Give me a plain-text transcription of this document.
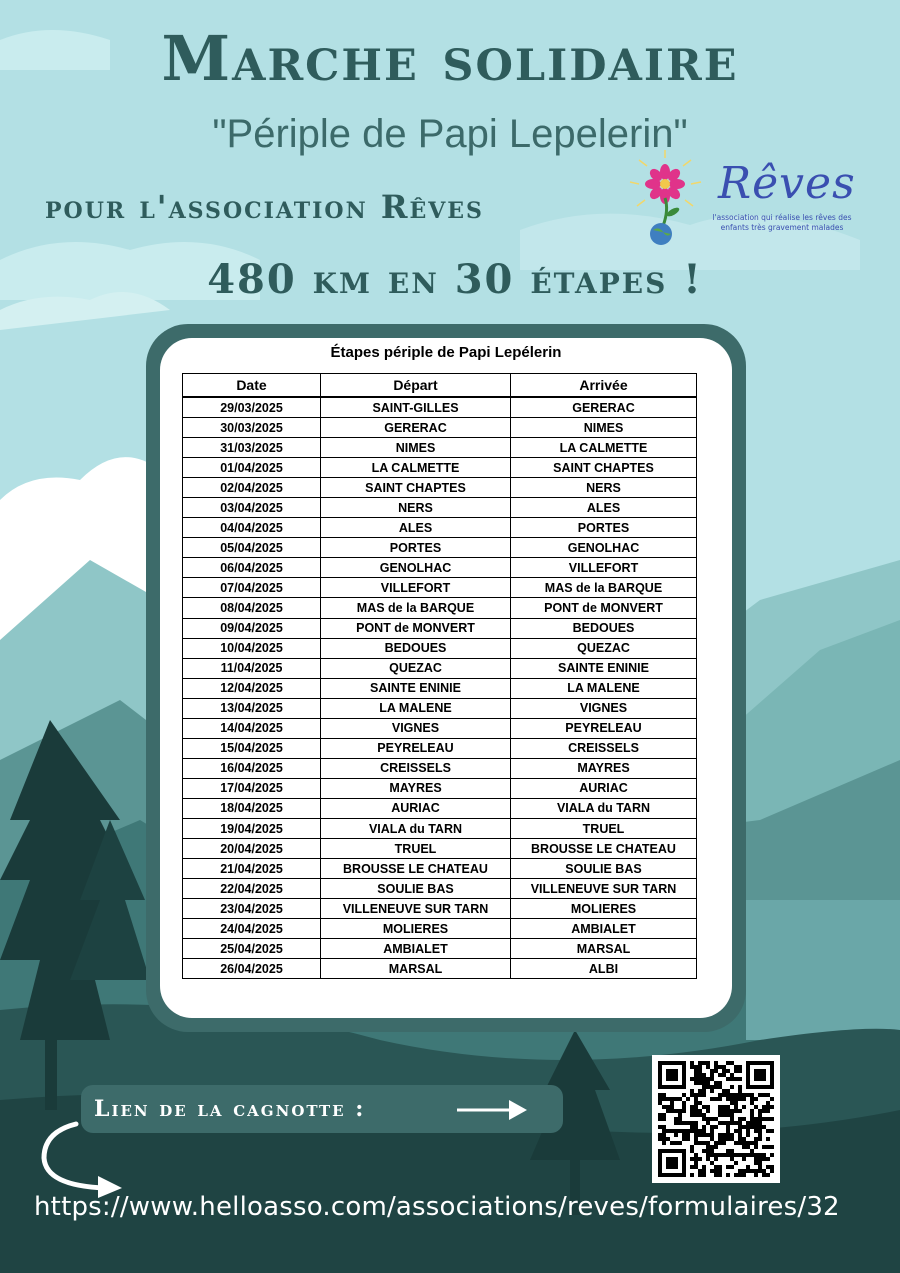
Marche solidaire
"Périple de Papi Lepelerin"
pour l'association Rêves
480 km en 30 étapes !
Rêves
l'association qui réalise les rêves des enfants très gravement malades
Étapes périple de Papi Lepélerin
Date	Départ	Arrivée
29/03/2025	SAINT-GILLES	GERERAC
30/03/2025	GERERAC	NIMES
31/03/2025	NIMES	LA CALMETTE
01/04/2025	LA CALMETTE	SAINT CHAPTES
02/04/2025	SAINT CHAPTES	NERS
03/04/2025	NERS	ALES
04/04/2025	ALES	PORTES
05/04/2025	PORTES	GENOLHAC
06/04/2025	GENOLHAC	VILLEFORT
07/04/2025	VILLEFORT	MAS de la BARQUE
08/04/2025	MAS de la BARQUE	PONT de MONVERT
09/04/2025	PONT de MONVERT	BEDOUES
10/04/2025	BEDOUES	QUEZAC
11/04/2025	QUEZAC	SAINTE ENINIE
12/04/2025	SAINTE ENINIE	LA MALENE
13/04/2025	LA MALENE	VIGNES
14/04/2025	VIGNES	PEYRELEAU
15/04/2025	PEYRELEAU	CREISSELS
16/04/2025	CREISSELS	MAYRES
17/04/2025	MAYRES	AURIAC
18/04/2025	AURIAC	VIALA du TARN
19/04/2025	VIALA du TARN	TRUEL
20/04/2025	TRUEL	BROUSSE LE CHATEAU
21/04/2025	BROUSSE LE CHATEAU	SOULIE BAS
22/04/2025	SOULIE BAS	VILLENEUVE SUR TARN
23/04/2025	VILLENEUVE SUR TARN	MOLIERES
24/04/2025	MOLIERES	AMBIALET
25/04/2025	AMBIALET	MARSAL
26/04/2025	MARSAL	ALBI
Lien de la cagnotte :
https://www.helloasso.com/associations/reves/formulaires/32
